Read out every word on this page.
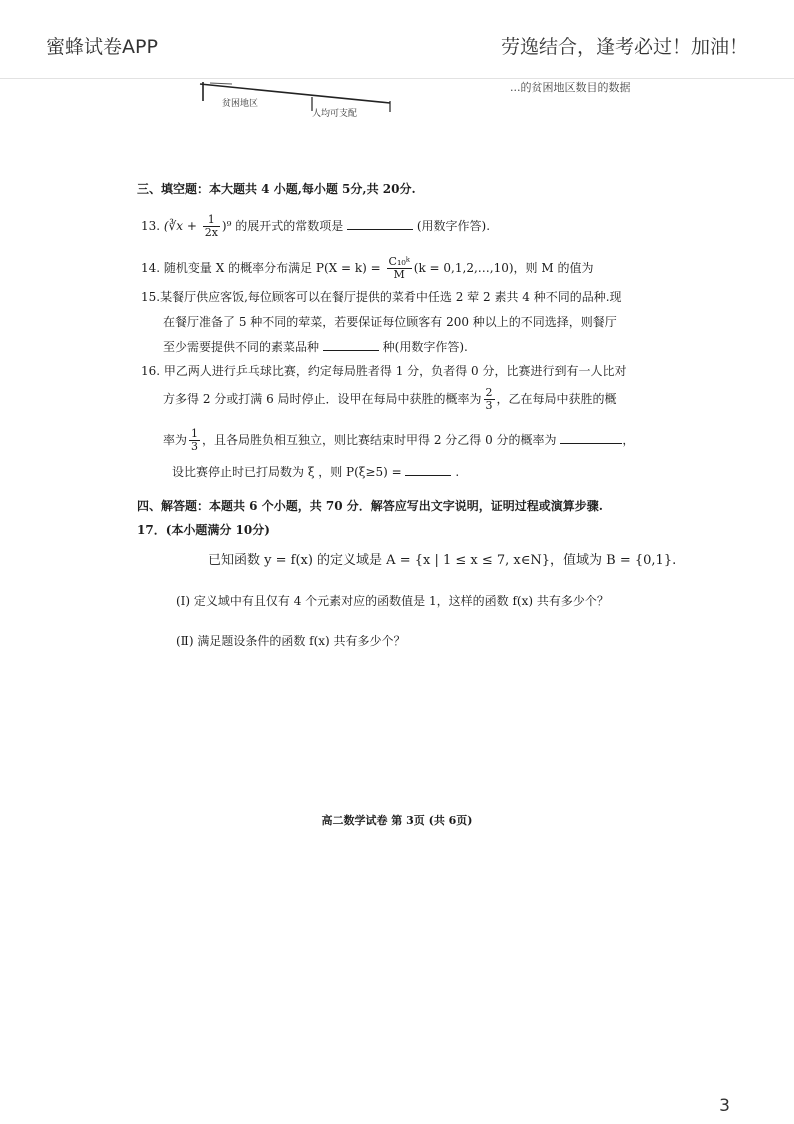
蜜蜂试卷APP	劳逸结合，逢考必过！加油！
贫困地区
人均可支配
...的贫困地区数目的数据
三、填空题：本大题共 4 小题,每小题 5分,共 20分.
13. (∛x + $\frac{1}{2x} )^9$ 的展开式的常数项是	(用数字作答).
14. 随机变量 X 的概率分布满足 $P(X = k) = \frac{\text{C₁₀ᵏ}}{M} (k$ = 0,1,2,…,10)，则 M 的值为
15.某餐厅供应客饭,每位顾客可以在餐厅提供的菜肴中任选 2 荤 2 素共 4 种不同的品种.现
在餐厅准备了 5 种不同的荤菜，若要保证每位顾客有 200 种以上的不同选择，则餐厅
至少需要提供不同的素菜品种	种(用数字作答).
16. 甲乙两人进行乒乓球比赛，约定每局胜者得 1 分，负者得 0 分，比赛进行到有一人比对
方多得 2 分或打满 6 局时停止．设甲在每局中获胜的概率为 $\frac{2}{3}$ ，乙在每局中获胜的概
率为 $\frac{1}{3}$ ，且各局胜负相互独立，则比赛结束时甲得 2 分乙得 0 分的概率为	，
设比赛停止时已打局数为 ξ ，则 P(ξ≥5) =	.
四、解答题：本题共 6 个小题，共 70 分．解答应写出文字说明，证明过程或演算步骤.
17．(本小题满分 10分)
已知函数 y = f(x) 的定义域是 A = {x | 1 ≤ x ≤ 7, x∈N}，值域为 B = {0,1}.
(Ⅰ) 定义域中有且仅有 4 个元素对应的函数值是 1，这样的函数 f(x) 共有多少个？
(Ⅱ) 满足题设条件的函数 f(x) 共有多少个？
高二数学试卷 第 3页 (共 6页)
3
